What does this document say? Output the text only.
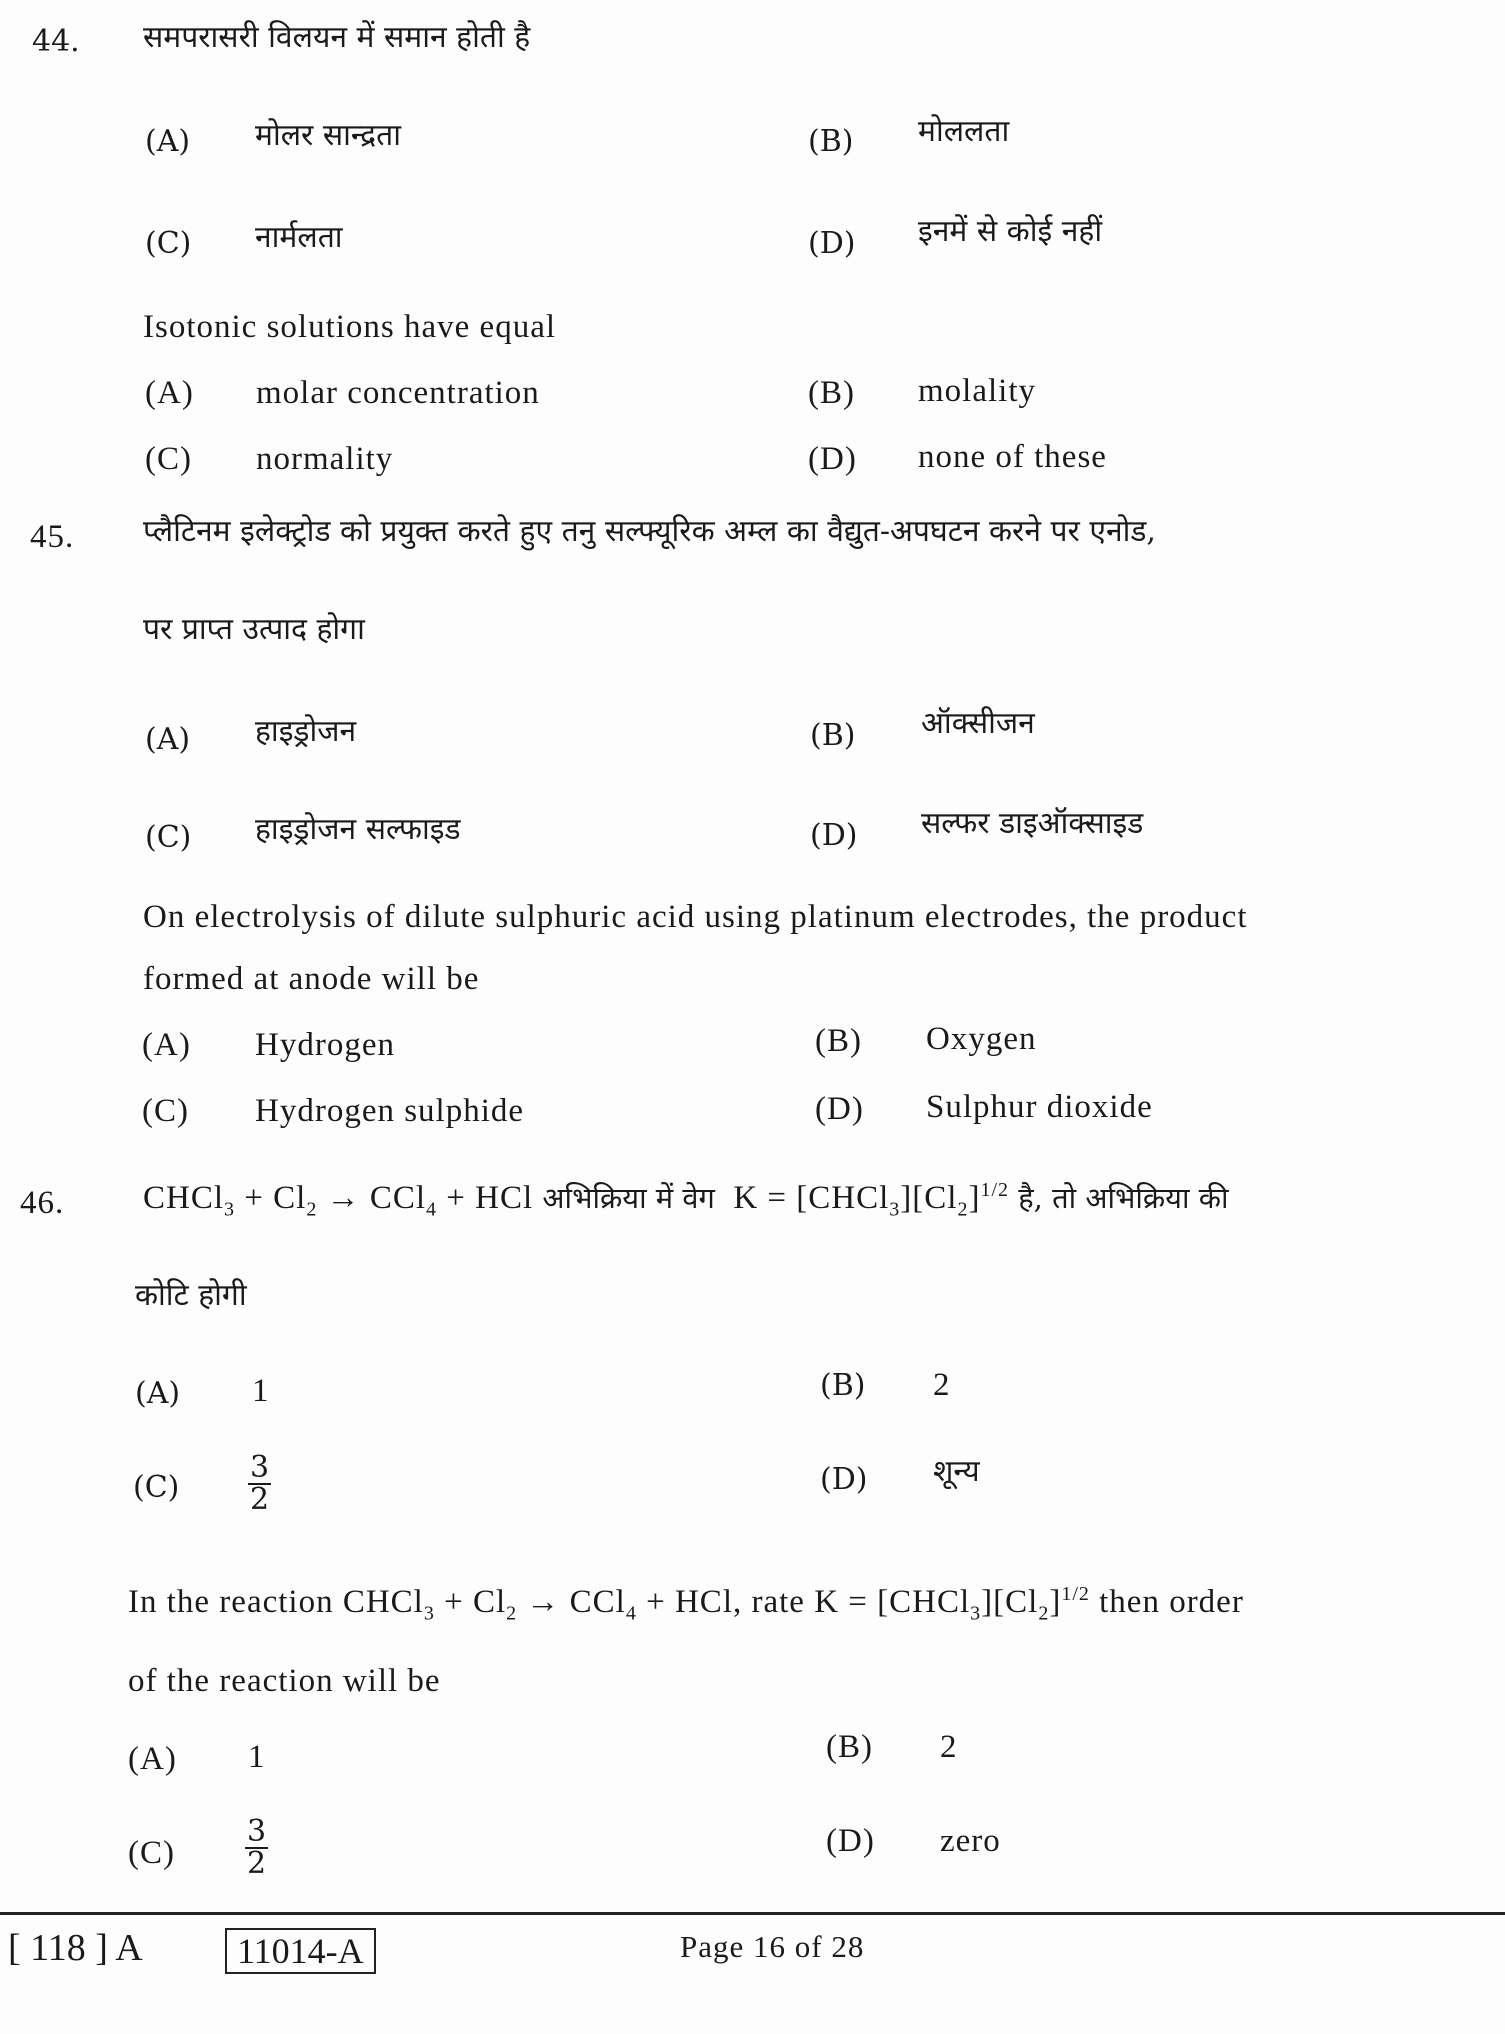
44. समपरासरी विलयन में समान होती है
(A) मोलर सान्द्रता	(B) मोललता
(C) नार्मलता	(D) इनमें से कोई नहीं
Isotonic solutions have equal
(A) molar concentration	(B) molality
(C) normality	(D) none of these
45. प्लैटिनम इलेक्ट्रोड को प्रयुक्त करते हुए तनु सल्फ्यूरिक अम्ल का वैद्युत-अपघटन करने पर एनोड,
पर प्राप्त उत्पाद होगा
(A) हाइड्रोजन	(B) ऑक्सीजन
(C) हाइड्रोजन सल्फाइड	(D) सल्फर डाइऑक्साइड
On electrolysis of dilute sulphuric acid using platinum electrodes, the product
formed at anode will be
(A) Hydrogen	(B) Oxygen
(C) Hydrogen sulphide	(D) Sulphur dioxide
46. CHCl$_3$ + $Cl_2 \to CCl_4$ + HCl अभिक्रिया में वेग  $K = [CHCl_3][Cl_2]^{1/2}$ है, तो अभिक्रिया की
कोटि होगी
(A) 1	(B) 2
$(C) \frac{3}{2}$	(D) शून्य
In the reaction CHCl$_3$ + $Cl_2 \to CCl_4$ + HCl, rate $K = [CHCl_3][Cl_2]^{1/2}$ then order
of the reaction will be
(A) 1	(B) 2
$(C) \frac{3}{2}$	(D) zero
[ 118 ] A	11014-A	Page 16 of 28
